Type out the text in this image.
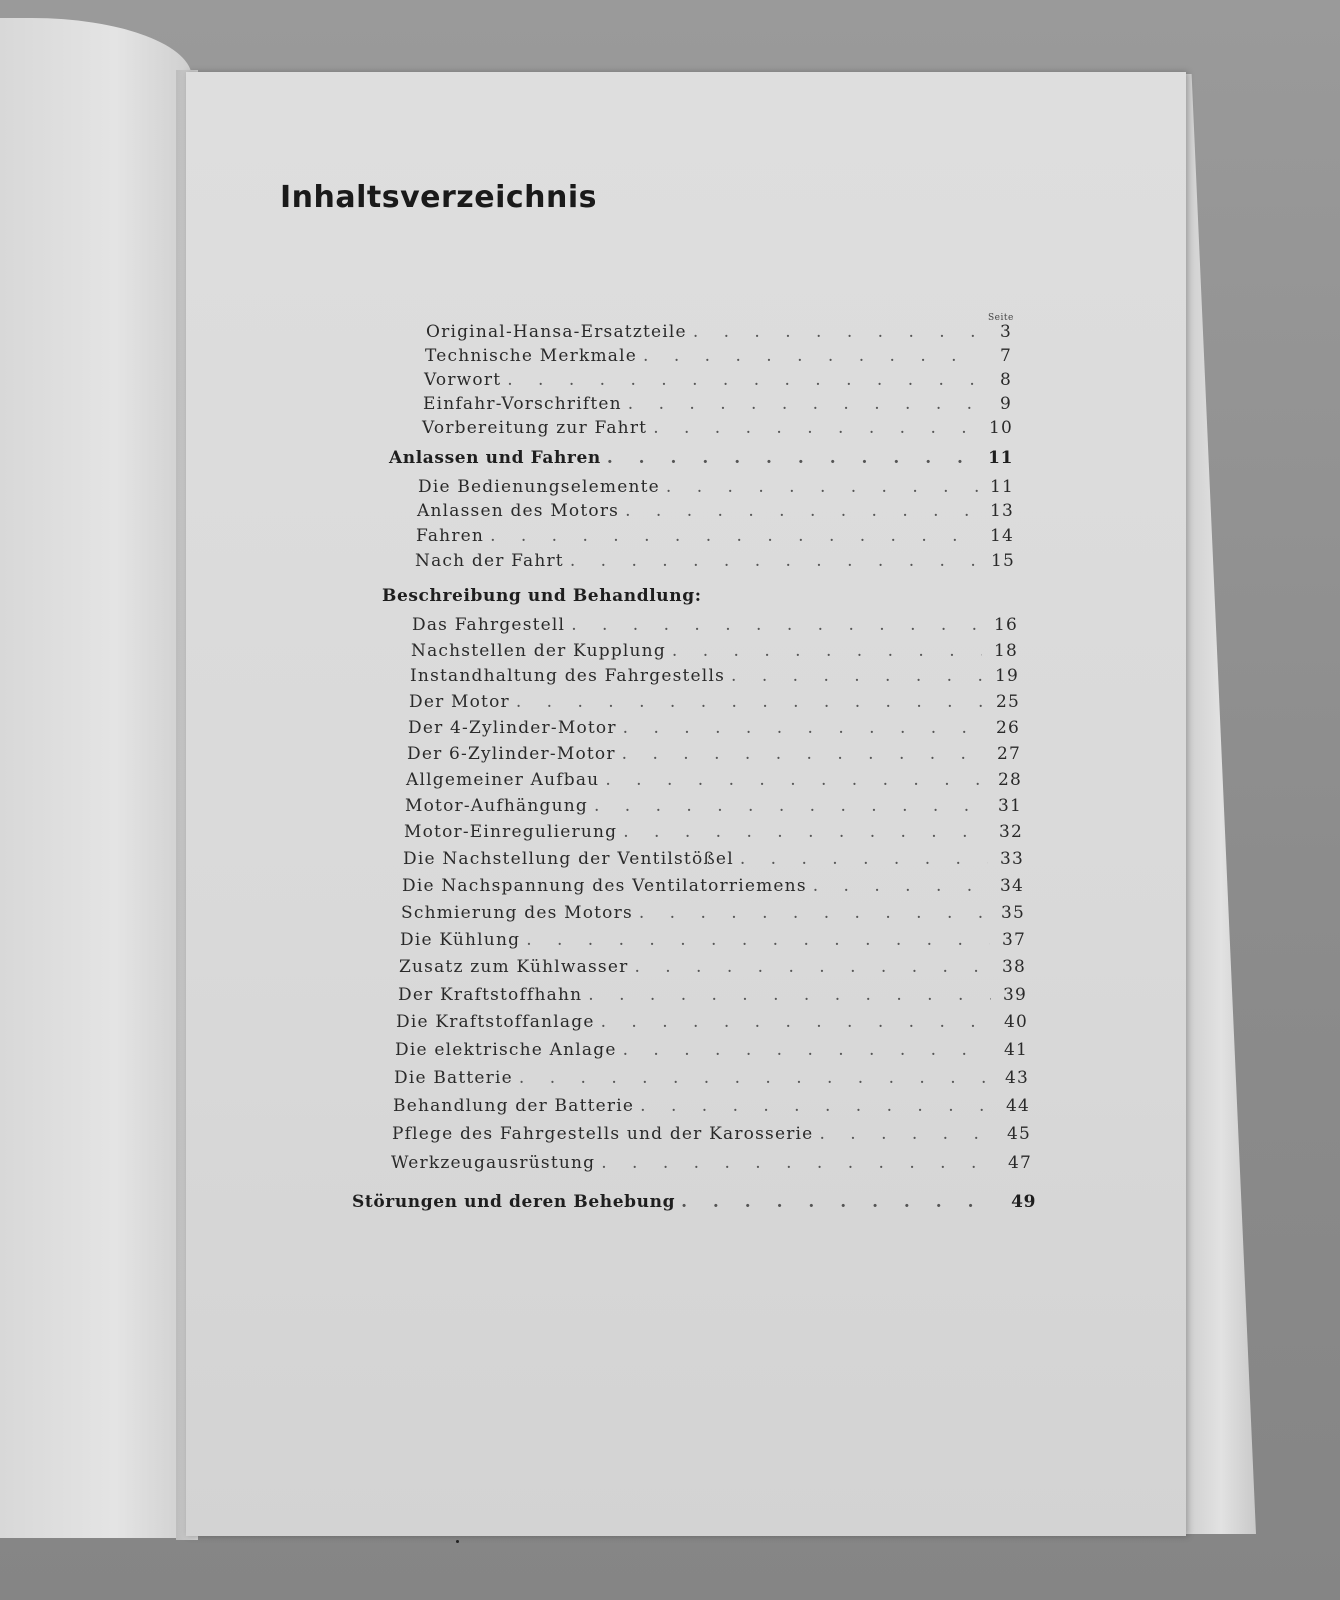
Inhaltsverzeichnis
Seite
Original-Hansa-Ersatzteile . . .	3
Technische Merkmale . . .	7
Vorwort . . .	8
Einfahr-Vorschriften . . .	9
Vorbereitung zur Fahrt . . .	10
Anlassen und Fahren . . .	11
Die Bedienungselemente . . .	11
Anlassen des Motors . . .	13
Fahren . . .	14
Nach der Fahrt . . .	15
Beschreibung und Behandlung:
Das Fahrgestell . . .	16
Nachstellen der Kupplung . . .	18
Instandhaltung des Fahrgestells . . .	19
Der Motor . . .	25
Der 4-Zylinder-Motor . . .	26
Der 6-Zylinder-Motor . . .	27
Allgemeiner Aufbau . . .	28
Motor-Aufhängung . . .	31
Motor-Einregulierung . . .	32
Die Nachstellung der Ventilstößel . . .	33
Die Nachspannung des Ventilatorriemens . . .	34
Schmierung des Motors . . .	35
Die Kühlung . . .	37
Zusatz zum Kühlwasser . . .	38
Der Kraftstoffhahn . . .	39
Die Kraftstoffanlage . . .	40
Die elektrische Anlage . . .	41
Die Batterie . . .	43
Behandlung der Batterie . . .	44
Pflege des Fahrgestells und der Karosserie . . .	45
Werkzeugausrüstung . . .	47
Störungen und deren Behebung . . .	49
